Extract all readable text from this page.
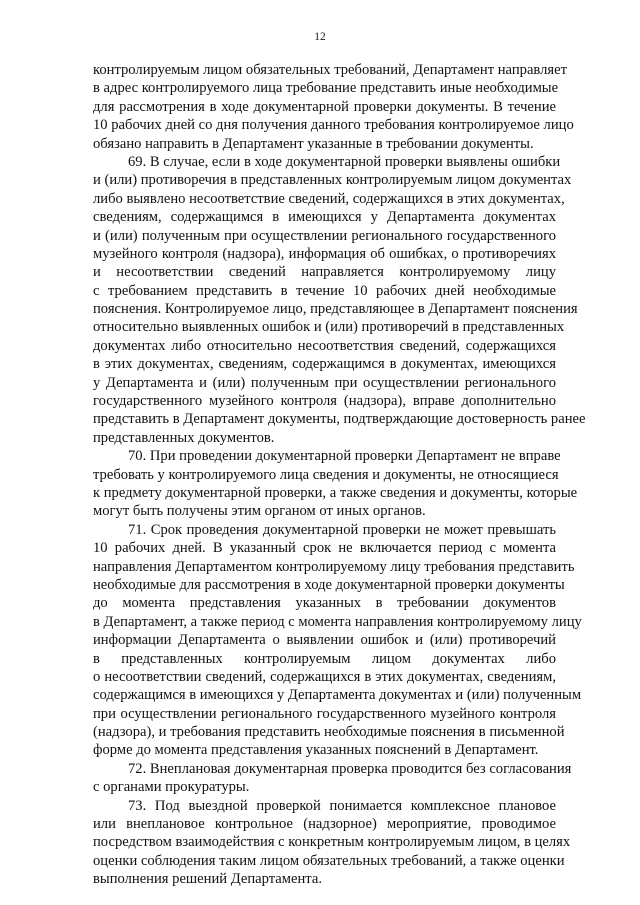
12
контролируемым лицом обязательных требований, Департамент направляет
в адрес контролируемого лица требование представить иные необходимые
для рассмотрения в ходе документарной проверки документы. В течение
10 рабочих дней со дня получения данного требования контролируемое лицо
обязано направить в Департамент указанные в требовании документы.
69. В случае, если в ходе документарной проверки выявлены ошибки
и (или) противоречия в представленных контролируемым лицом документах
либо выявлено несоответствие сведений, содержащихся в этих документах,
сведениям, содержащимся в имеющихся у Департамента документах
и (или) полученным при осуществлении регионального государственного
музейного контроля (надзора), информация об ошибках, о противоречиях
и несоответствии сведений направляется контролируемому лицу
с требованием представить в течение 10 рабочих дней необходимые
пояснения. Контролируемое лицо, представляющее в Департамент пояснения
относительно выявленных ошибок и (или) противоречий в представленных
документах либо относительно несоответствия сведений, содержащихся
в этих документах, сведениям, содержащимся в документах, имеющихся
у Департамента и (или) полученным при осуществлении регионального
государственного музейного контроля (надзора), вправе дополнительно
представить в Департамент документы, подтверждающие достоверность ранее
представленных документов.
70. При проведении документарной проверки Департамент не вправе
требовать у контролируемого лица сведения и документы, не относящиеся
к предмету документарной проверки, а также сведения и документы, которые
могут быть получены этим органом от иных органов.
71. Срок проведения документарной проверки не может превышать
10 рабочих дней. В указанный срок не включается период с момента
направления Департаментом контролируемому лицу требования представить
необходимые для рассмотрения в ходе документарной проверки документы
до момента представления указанных в требовании документов
в Департамент, а также период с момента направления контролируемому лицу
информации Департамента о выявлении ошибок и (или) противоречий
в представленных контролируемым лицом документах либо
о несоответствии сведений, содержащихся в этих документах, сведениям,
содержащимся в имеющихся у Департамента документах и (или) полученным
при осуществлении регионального государственного музейного контроля
(надзора), и требования представить необходимые пояснения в письменной
форме до момента представления указанных пояснений в Департамент.
72. Внеплановая документарная проверка проводится без согласования
с органами прокуратуры.
73. Под выездной проверкой понимается комплексное плановое
или внеплановое контрольное (надзорное) мероприятие, проводимое
посредством взаимодействия с конкретным контролируемым лицом, в целях
оценки соблюдения таким лицом обязательных требований, а также оценки
выполнения решений Департамента.
